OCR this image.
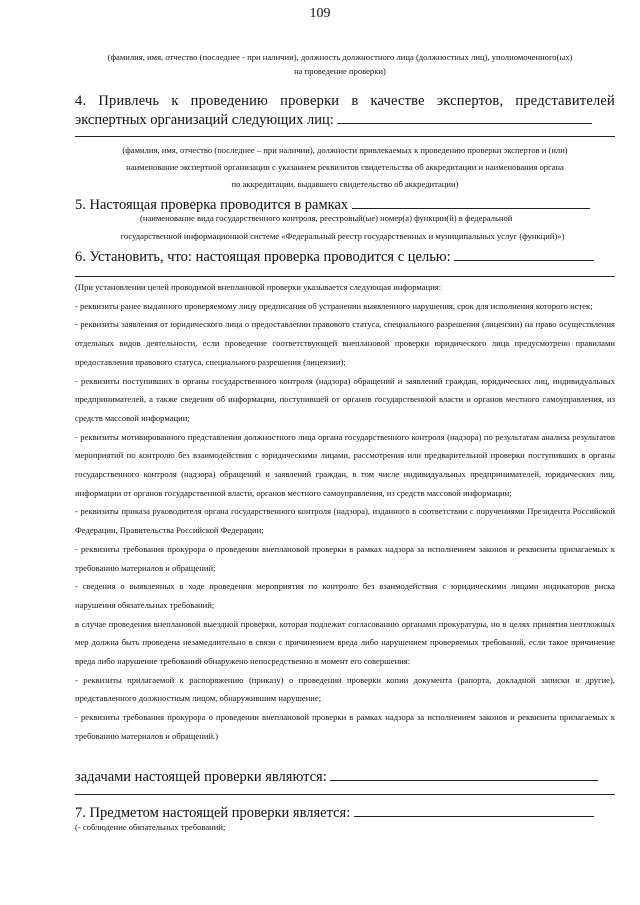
109
(фамилия, имя, отчество (последнее - при наличии), должность должностного лица (должностных лиц), уполномоченного(ых)
на проведение проверки)
4. Привлечь к проведению проверки в качестве экспертов, представителей
экспертных организаций следующих лиц:
(фамилия, имя, отчество (последнее – при наличии), должности привлекаемых к проведению проверки экспертов и (или)
наименование экспертной организации с указанием реквизитов свидетельства об аккредитации и наименования органа
по аккредитации, выдавшего свидетельство об аккредитации)
5. Настоящая проверка проводится в рамках
(наименование вида государственного контроля, реестровый(ые) номер(а) функции(й) в федеральной
государственной информационной системе «Федеральный реестр государственных и муниципальных услуг (функций)»)
6. Установить, что: настоящая проверка проводится с целью:

(При установлении целей проводимой внеплановой проверки указывается следующая информация:

- реквизиты ранее выданного проверяемому лицу предписания об устранении выявленного нарушения, срок для исполнения которого истек;

- реквизиты заявления от юридического лица о предоставлении правового статуса, специального разрешения (лицензии) на право осуществления отдельных видов деятельности, если проведение соответствующей внеплановой проверки юридического лица предусмотрено правилами предоставления правового статуса, специального разрешения (лицензии);

- реквизиты поступивших в органы государственного контроля (надзора) обращений и заявлений граждан, юридических лиц, индивидуальных предпринимателей, а также сведения об информации, поступившей от органов государственной власти и органов местного самоуправления, из средств массовой информации;

- реквизиты мотивированного представления должностного лица органа государственного контроля (надзора) по результатам анализа результатов мероприятий по контролю без взаимодействия с юридическими лицами, рассмотрения или предварительной проверки поступивших в органы государственного контроля (надзора) обращений и заявлений граждан, в том числе индивидуальных предпринимателей, юридических лиц, информации от органов государственной власти, органов местного самоуправления, из средств массовой информации;

- реквизиты приказа руководителя органа государственного контроля (надзора), изданного в соответствии с поручениями Президента Российской Федерации, Правительства Российской Федерации;

- реквизиты требования прокурора о проведении внеплановой проверки в рамках надзора за исполнением законов и реквизиты прилагаемых к требованию материалов и обращений;

- сведения о выявленных в ходе проведения мероприятия по контролю без взаимодействия с юридическими лицами индикаторов риска нарушения обязательных требований;

в случае проведения внеплановой выездной проверки, которая подлежит согласованию органами прокуратуры, но в целях принятия неотложных мер должна быть проведена незамедлительно в связи с причинением вреда либо нарушением проверяемых требований, если такое причинение вреда либо нарушение требований обнаружено непосредственно в момент его совершения:

- реквизиты прилагаемой к распоряжению (приказу) о проведении проверки копии документа (рапорта, докладной записки и другие), представленного должностным лицом, обнаружившим нарушение;

- реквизиты требования прокурора о проведении внеплановой проверки в рамках надзора за исполнением законов и реквизиты прилагаемых к требованию материалов и обращений.)

задачами настоящей проверки являются:
7. Предметом настоящей проверки является:
(- соблюдение обязательных требований;
